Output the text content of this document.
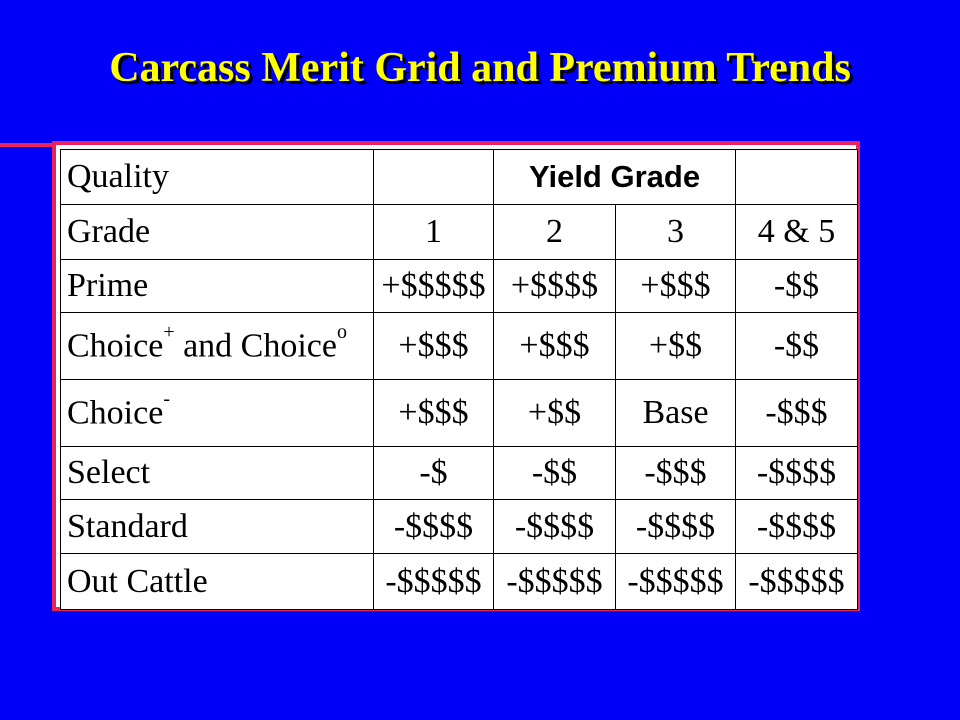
Carcass Merit Grid and Premium Trends
Quality		Yield Grade		
Grade	1	2	3	4 & 5
Prime	+$$$$$	+$$$$	+$$$	-$$
Choice+ and Choice$^o$	+$$$	+$$$	+$$	-$$
Choice-	+$$$	+$$	Base	-$$$
Select	-$	-$$	-$$$	-$$$$
Standard	-$$$$	-$$$$	-$$$$	-$$$$
Out Cattle	-$$$$$	-$$$$$	-$$$$$	-$$$$$
